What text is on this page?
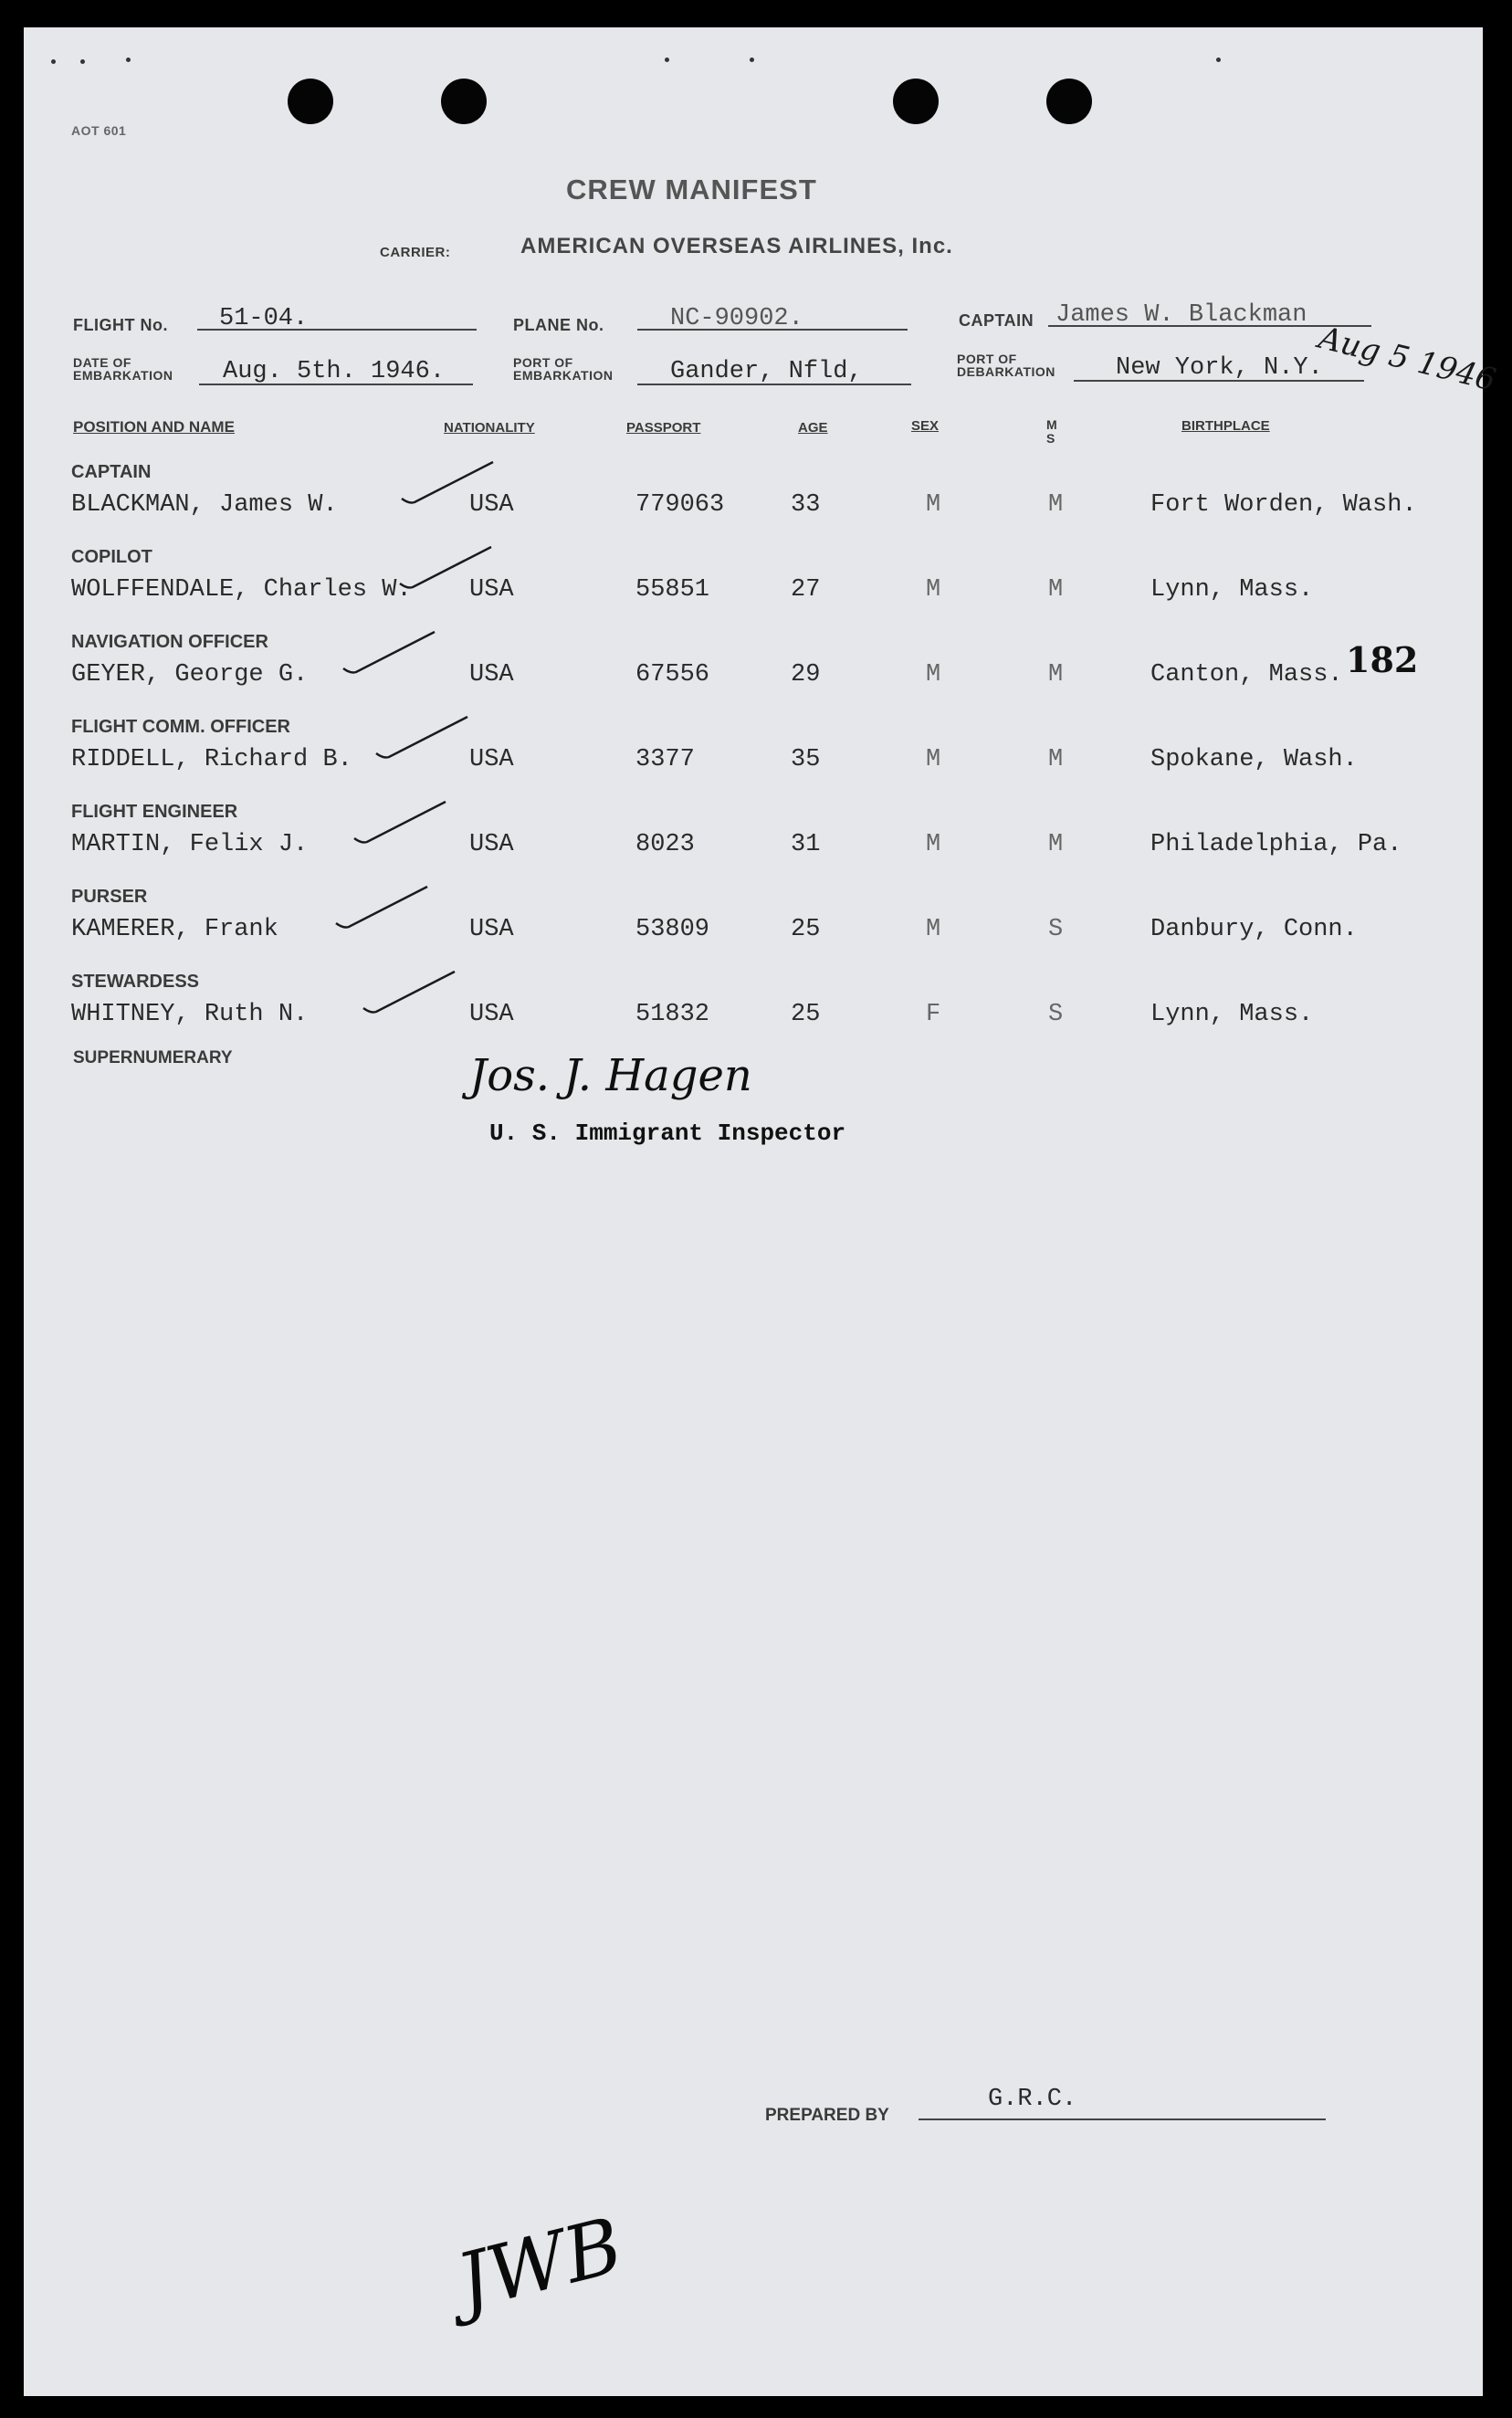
AOT 601
CREW MANIFEST
CARRIER:	AMERICAN OVERSEAS AIRLINES, Inc.
FLIGHT No. 51-04.	PLANE No.	NC-90902.	CAPTAIN James W. Blackman
DATE OF
EMBARKATION Aug. 5th. 1946.	PORT OF
EMBARKATION Gander, Nfld,	PORT OF
DEBARKATION New York, N.Y.
Aug 5 1946
POSITION AND NAME	NATIONALITY	PASSPORT	AGE	SEX	M
S
BIRTHPLACE
CAPTAIN
BLACKMAN, James W.	USA	779063	33	M	M	Fort Worden, Wash.
COPILOT
WOLFFENDALE, Charles W. USA	55851	27	M	M	Lynn, Mass.
NAVIGATION OFFICER
GEYER, George G.	USA	67556	29	M	M	Canton, Mass.
FLIGHT COMM. OFFICER
RIDDELL, Richard B.	USA	3377	35	M	M	Spokane, Wash.
FLIGHT ENGINEER
MARTIN, Felix J.	USA	8023	31	M	M	Philadelphia, Pa.
PURSER
KAMERER, Frank	USA	53809	25	M	S	Danbury, Conn.
STEWARDESS
WHITNEY, Ruth N.	USA	51832	25	F	S	Lynn, Mass.
182
SUPERNUMERARY	Jos. J. Hagen
U. S. Immigrant Inspector
PREPARED BY
G.R.C.
JWB
